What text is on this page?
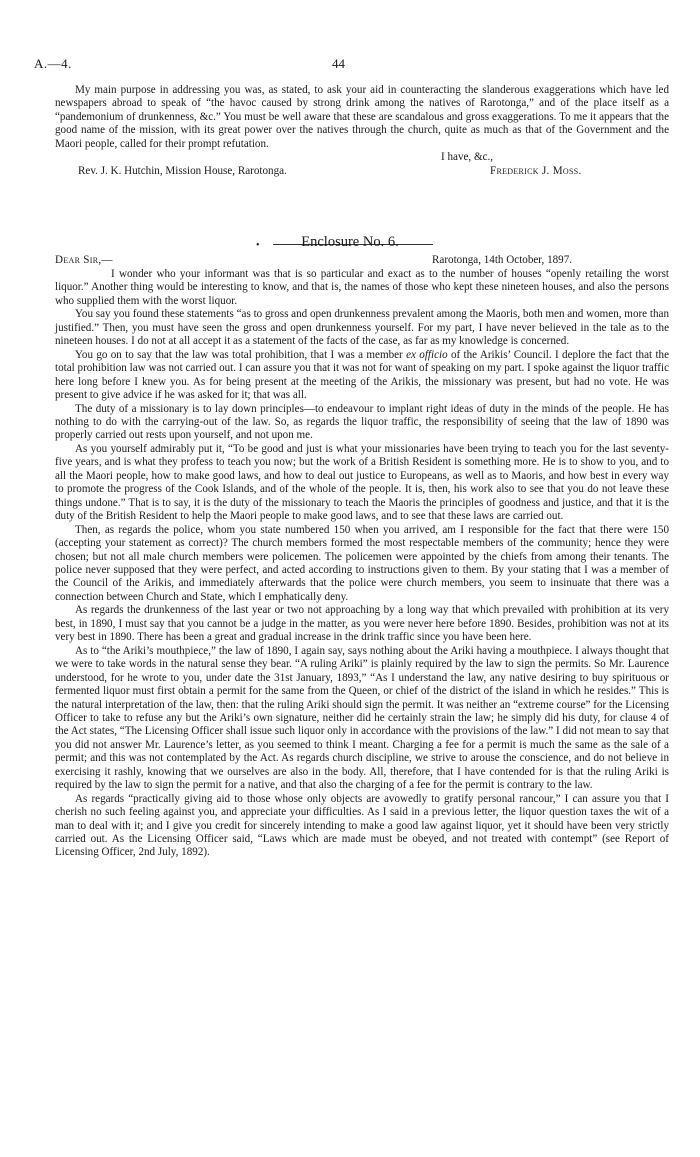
A.—4.	44

My main purpose in addressing you was, as stated, to ask your aid in counteracting the slanderous exaggerations which have led newspapers abroad to speak of “the havoc caused by strong drink among the natives of Rarotonga,” and of the place itself as a “pandemonium of drunkenness, &c.” You must be well aware that these are scandalous and gross exaggerations. To me it appears that the good name of the mission, with its great power over the natives through the church, quite as much as that of the Government and the Maori people, called for their prompt refutation.

I have, &c.,
Rev. J. K. Hutchin, Mission House, Rarotonga.	Frederick J. Moss.
•	Enclosure No. 6.
Dear Sir,—	Rarotonga, 14th October, 1897.

I wonder who your informant was that is so particular and exact as to the number of houses “openly retailing the worst liquor.” Another thing would be interesting to know, and that is, the names of those who kept these nineteen houses, and also the persons who supplied them with the worst liquor.

You say you found these statements “as to gross and open drunkenness prevalent among the Maoris, both men and women, more than justified.” Then, you must have seen the gross and open drunkenness yourself. For my part, I have never believed in the tale as to the nineteen houses. I do not at all accept it as a statement of the facts of the case, as far as my knowledge is concerned.

You go on to say that the law was total prohibition, that I was a member ex officio of the Arikis’ Council. I deplore the fact that the total prohibition law was not carried out. I can assure you that it was not for want of speaking on my part. I spoke against the liquor traffic here long before I knew you. As for being present at the meeting of the Arikis, the missionary was present, but had no vote. He was present to give advice if he was asked for it; that was all.

The duty of a missionary is to lay down principles—to endeavour to implant right ideas of duty in the minds of the people. He has nothing to do with the carrying-out of the law. So, as regards the liquor traffic, the responsibility of seeing that the law of 1890 was properly carried out rests upon yourself, and not upon me.

As you yourself admirably put it, “To be good and just is what your missionaries have been trying to teach you for the last seventy-five years, and is what they profess to teach you now; but the work of a British Resident is something more. He is to show to you, and to all the Maori people, how to make good laws, and how to deal out justice to Europeans, as well as to Maoris, and how best in every way to promote the progress of the Cook Islands, and of the whole of the people. It is, then, his work also to see that you do not leave these things undone.” That is to say, it is the duty of the missionary to teach the Maoris the principles of goodness and justice, and that it is the duty of the British Resident to help the Maori people to make good laws, and to see that these laws are carried out.

Then, as regards the police, whom you state numbered 150 when you arrived, am I responsible for the fact that there were 150 (accepting your statement as correct)? The church members formed the most respectable members of the community; hence they were chosen; but not all male church members were policemen. The policemen were appointed by the chiefs from among their tenants. The police never supposed that they were perfect, and acted according to instructions given to them. By your stating that I was a member of the Council of the Arikis, and immediately afterwards that the police were church members, you seem to insinuate that there was a connection between Church and State, which I emphatically deny.

As regards the drunkenness of the last year or two not approaching by a long way that which prevailed with prohibition at its very best, in 1890, I must say that you cannot be a judge in the matter, as you were never here before 1890. Besides, prohibition was not at its very best in 1890. There has been a great and gradual increase in the drink traffic since you have been here.

As to “the Ariki’s mouthpiece,” the law of 1890, I again say, says nothing about the Ariki having a mouthpiece. I always thought that we were to take words in the natural sense they bear. “A ruling Ariki” is plainly required by the law to sign the permits. So Mr. Laurence understood, for he wrote to you, under date the 31st January, 1893,” “As I understand the law, any native desiring to buy spirituous or fermented liquor must first obtain a permit for the same from the Queen, or chief of the district of the island in which he resides.” This is the natural interpretation of the law, then: that the ruling Ariki should sign the permit. It was neither an “extreme course” for the Licensing Officer to take to refuse any but the Ariki’s own signature, neither did he certainly strain the law; he simply did his duty, for clause 4 of the Act states, “The Licensing Officer shall issue such liquor only in accordance with the provisions of the law.” I did not mean to say that you did not answer Mr. Laurence’s letter, as you seemed to think I meant. Charging a fee for a permit is much the same as the sale of a permit; and this was not contemplated by the Act. As regards church discipline, we strive to arouse the conscience, and do not believe in exercising it rashly, knowing that we ourselves are also in the body. All, therefore, that I have contended for is that the ruling Ariki is required by the law to sign the permit for a native, and that also the charging of a fee for the permit is contrary to the law.

As regards “practically giving aid to those whose only objects are avowedly to gratify personal rancour,” I can assure you that I cherish no such feeling against you, and appreciate your difficulties. As I said in a previous letter, the liquor question taxes the wit of a man to deal with it; and I give you credit for sincerely intending to make a good law against liquor, yet it should have been very strictly carried out. As the Licensing Officer said, “Laws which are made must be obeyed, and not treated with contempt” (see Report of Licensing Officer, 2nd July, 1892).
